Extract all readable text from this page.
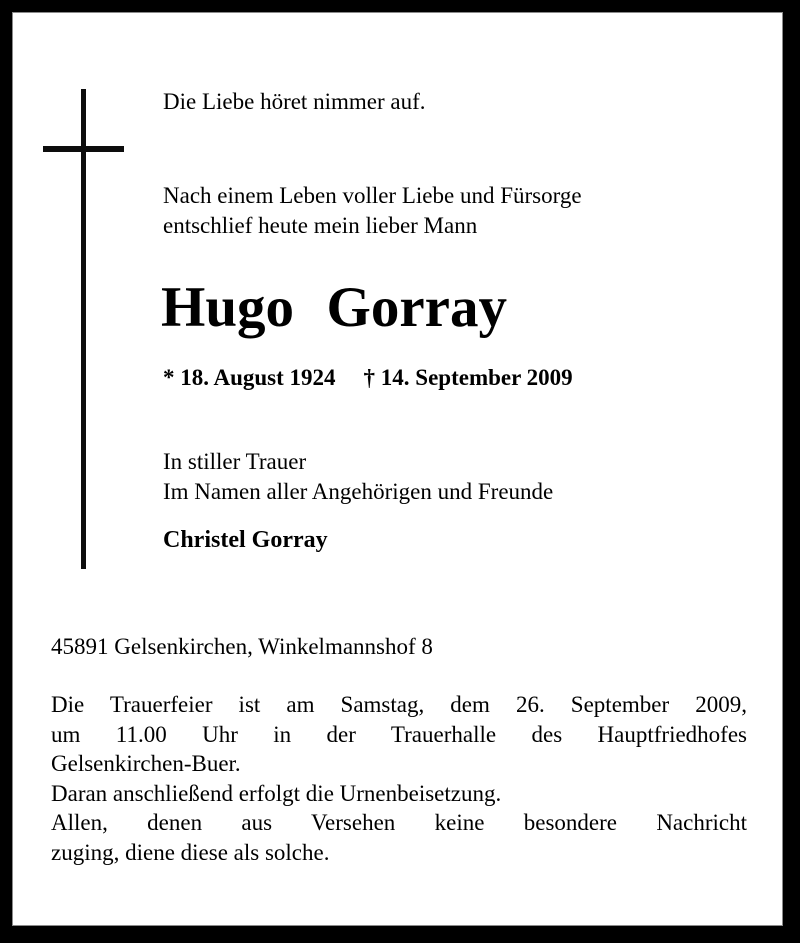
Die Liebe höret nimmer auf.
Nach einem Leben voller Liebe und Fürsorge
entschlief heute mein lieber Mann
Hugo Gorray
* 18. August 1924 † 14. September 2009
In stiller Trauer
Im Namen aller Angehörigen und Freunde
Christel Gorray
45891 Gelsenkirchen, Winkelmannshof 8
Die Trauerfeier ist am Samstag, dem 26. September 2009,
um 11.00 Uhr in der Trauerhalle des Hauptfriedhofes
Gelsenkirchen-Buer.
Daran anschließend erfolgt die Urnenbeisetzung.
Allen, denen aus Versehen keine besondere Nachricht
zuging, diene diese als solche.
